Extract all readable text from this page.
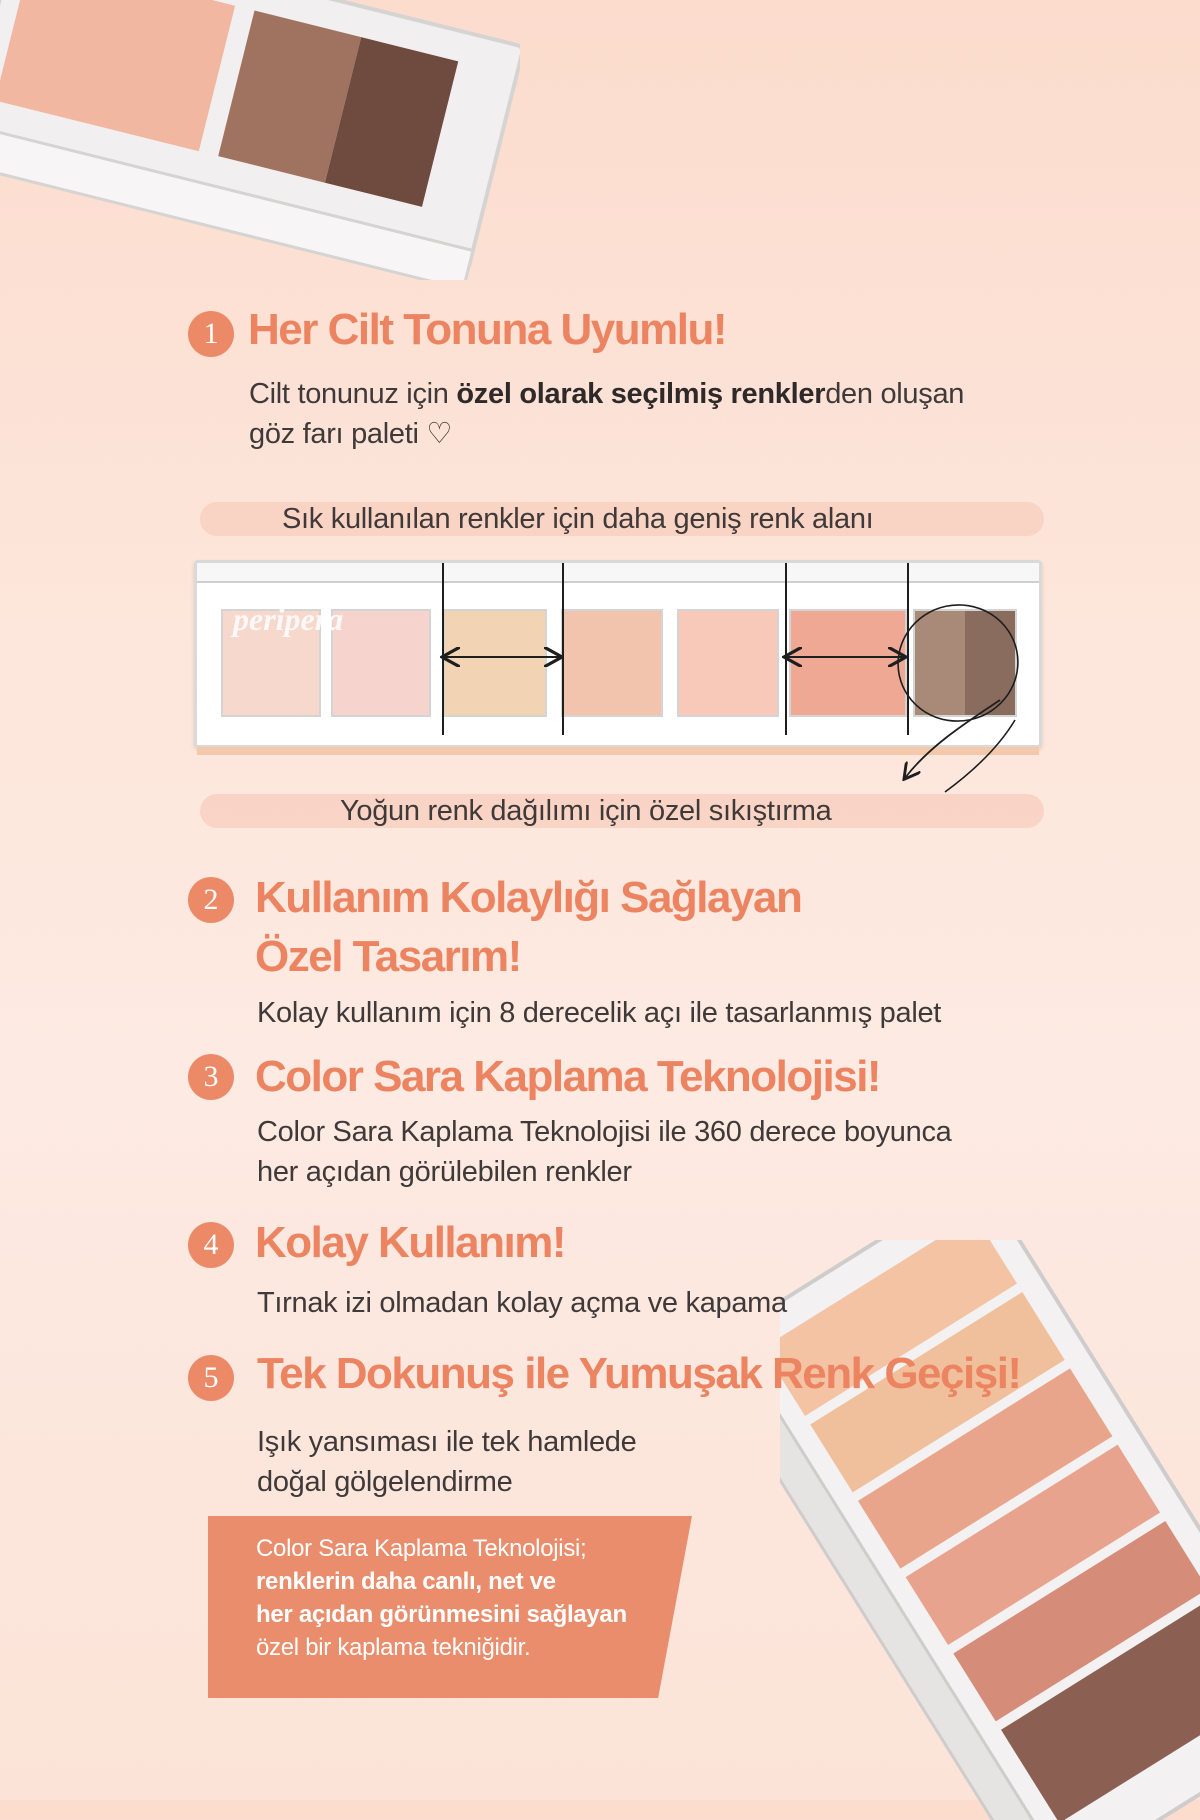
1 Her Cilt Tonuna Uyumlu!
Cilt tonunuz için özel olarak seçilmiş renklerden oluşan
göz farı paleti ♡
Sık kullanılan renkler için daha geniş renk alanı
peripera
Yoğun renk dağılımı için özel sıkıştırma
2 Kullanım Kolaylığı Sağlayan
Özel Tasarım!
Kolay kullanım için 8 derecelik açı ile tasarlanmış palet
3 Color Sara Kaplama Teknolojisi!
Color Sara Kaplama Teknolojisi ile 360 derece boyunca
her açıdan görülebilen renkler
4 Kolay Kullanım!
Tırnak izi olmadan kolay açma ve kapama
5 Tek Dokunuş ile Yumuşak Renk Geçişi!
Işık yansıması ile tek hamlede
doğal gölgelendirme
Color Sara Kaplama Teknolojisi;
renklerin daha canlı, net ve
her açıdan görünmesini sağlayan
özel bir kaplama tekniğidir.
